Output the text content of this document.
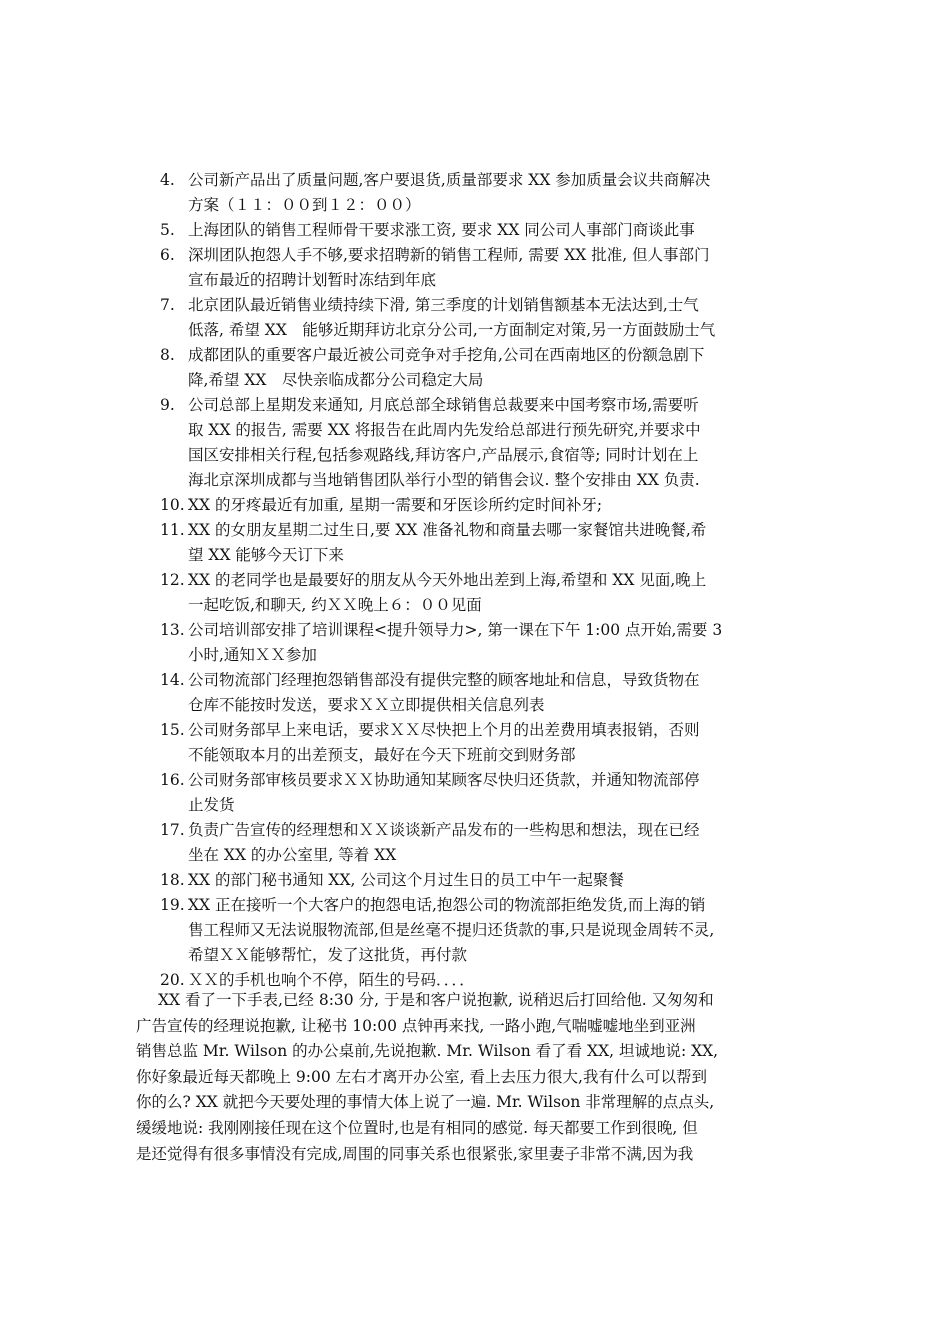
4. 公司新产品出了质量问题,客户要退货,质量部要求 XX 参加质量会议共商解决
方案（１１：００到１２：００）
5. 上海团队的销售工程师骨干要求涨工资, 要求 XX 同公司人事部门商谈此事
6. 深圳团队抱怨人手不够,要求招聘新的销售工程师, 需要 XX 批准, 但人事部门
宣布最近的招聘计划暂时冻结到年底
7. 北京团队最近销售业绩持续下滑, 第三季度的计划销售额基本无法达到,士气
低落, 希望 XX　能够近期拜访北京分公司,一方面制定对策,另一方面鼓励士气
8. 成都团队的重要客户最近被公司竞争对手挖角,公司在西南地区的份额急剧下
降,希望 XX　尽快亲临成都分公司稳定大局
9. 公司总部上星期发来通知, 月底总部全球销售总裁要来中国考察市场,需要听
取 XX 的报告, 需要 XX 将报告在此周内先发给总部进行预先研究,并要求中
国区安排相关行程,包括参观路线,拜访客户,产品展示,食宿等; 同时计划在上
海北京深圳成都与当地销售团队举行小型的销售会议. 整个安排由 XX 负责.
10. XX 的牙疼最近有加重, 星期一需要和牙医诊所约定时间补牙;
11. XX 的女朋友星期二过生日,要 XX 准备礼物和商量去哪一家餐馆共进晚餐,希
望 XX 能够今天订下来
12. XX 的老同学也是最要好的朋友从今天外地出差到上海,希望和 XX 见面,晚上
一起吃饭,和聊天, 约ＸＸ晚上６：００见面
13. 公司培训部安排了培训课程<提升领导力>, 第一课在下午 1:00 点开始,需要 3
小时,通知ＸＸ参加
14. 公司物流部门经理抱怨销售部没有提供完整的顾客地址和信息，导致货物在
仓库不能按时发送，要求ＸＸ立即提供相关信息列表
15. 公司财务部早上来电话，要求ＸＸ尽快把上个月的出差费用填表报销，否则
不能领取本月的出差预支，最好在今天下班前交到财务部
16. 公司财务部审核员要求ＸＸ协助通知某顾客尽快归还货款，并通知物流部停
止发货
17. 负责广告宣传的经理想和ＸＸ谈谈新产品发布的一些构思和想法，现在已经
坐在 XX 的办公室里, 等着 XX
18. XX 的部门秘书通知 XX, 公司这个月过生日的员工中午一起聚餐
19. XX 正在接听一个大客户的抱怨电话,抱怨公司的物流部拒绝发货,而上海的销
售工程师又无法说服物流部,但是丝毫不提归还货款的事,只是说现金周转不灵,
希望ＸＸ能够帮忙，发了这批货，再付款
20. ＸＸ的手机也响个不停，陌生的号码．．．．
XX 看了一下手表,已经 8:30 分, 于是和客户说抱歉, 说稍迟后打回给他. 又匆匆和
广告宣传的经理说抱歉, 让秘书 10:00 点钟再来找, 一路小跑,气喘嘘嘘地坐到亚洲
销售总监 Mr. Wilson 的办公桌前,先说抱歉. Mr. Wilson 看了看 XX, 坦诚地说: XX,
你好象最近每天都晚上 9:00 左右才离开办公室, 看上去压力很大,我有什么可以帮到
你的么? XX 就把今天要处理的事情大体上说了一遍. Mr. Wilson 非常理解的点点头,
缓缓地说: 我刚刚接任现在这个位置时,也是有相同的感觉. 每天都要工作到很晚, 但
是还觉得有很多事情没有完成,周围的同事关系也很紧张,家里妻子非常不满,因为我
